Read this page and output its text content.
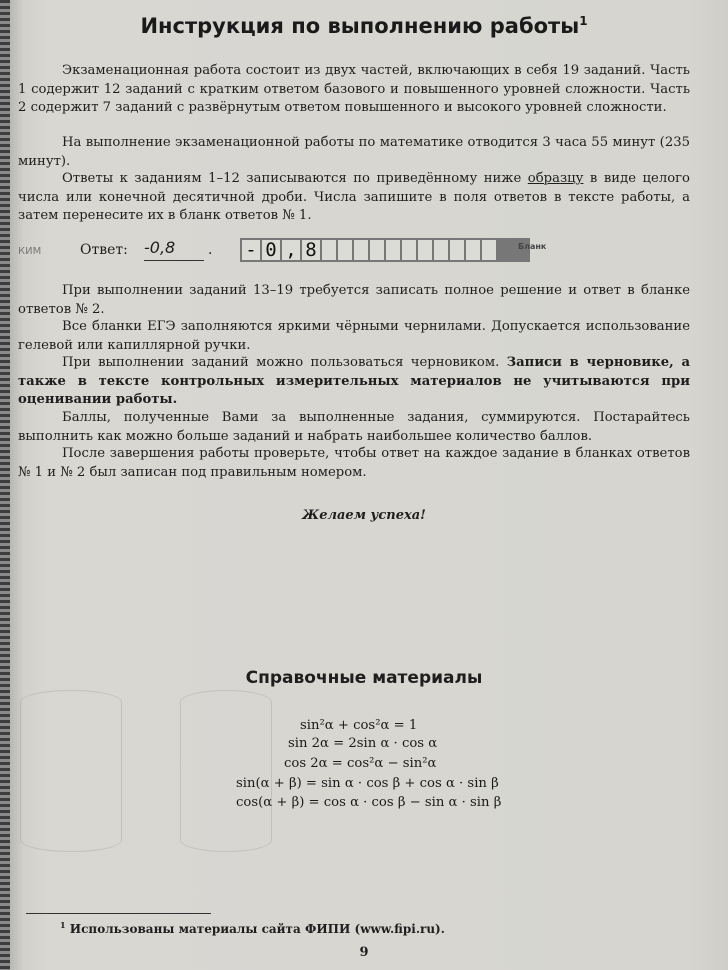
Инструкция по выполнению работы$^1$

Экзаменационная работа состоит из двух частей, включающих в себя 19 заданий. Часть 1 содержит 12 заданий с кратким ответом базового и повышенного уровней сложности. Часть 2 содержит 7 заданий с развёрнутым ответом повышенного и высокого уровней сложности.

На выполнение экзаменационной работы по математике отводится 3 часа 55 минут (235 минут).

Ответы к заданиям 1–12 записываются по приведённому ниже образцу в виде целого числа или конечной десятичной дроби. Числа запишите в поля ответов в тексте работы, а затем перенесите их в бланк ответов № 1.

КИМ	Ответ: -0,8	. - 0 , 8	Бланк

При выполнении заданий 13–19 требуется записать полное решение и ответ в бланке ответов № 2.

Все бланки ЕГЭ заполняются яркими чёрными чернилами. Допускается использование гелевой или капиллярной ручки.

При выполнении заданий можно пользоваться черновиком. Записи в черновике, а также в тексте контрольных измерительных материалов не учитываются при оценивании работы.

Баллы, полученные Вами за выполненные задания, суммируются. Постарайтесь выполнить как можно больше заданий и набрать наибольшее количество баллов.

После завершения работы проверьте, чтобы ответ на каждое задание в бланках ответов № 1 и № 2 был записан под правильным номером.

Желаем успеха!
Справочные материалы
sin²α + cos²α = 1
sin 2α = 2sin α · cos α
cos 2α = cos²α − sin²α
sin(α + β) = sin α · cos β + cos α · sin β
cos(α + β) = cos α · cos β − sin α · sin β
$^1$ Использованы материалы сайта ФИПИ (www.fipi.ru).
9
